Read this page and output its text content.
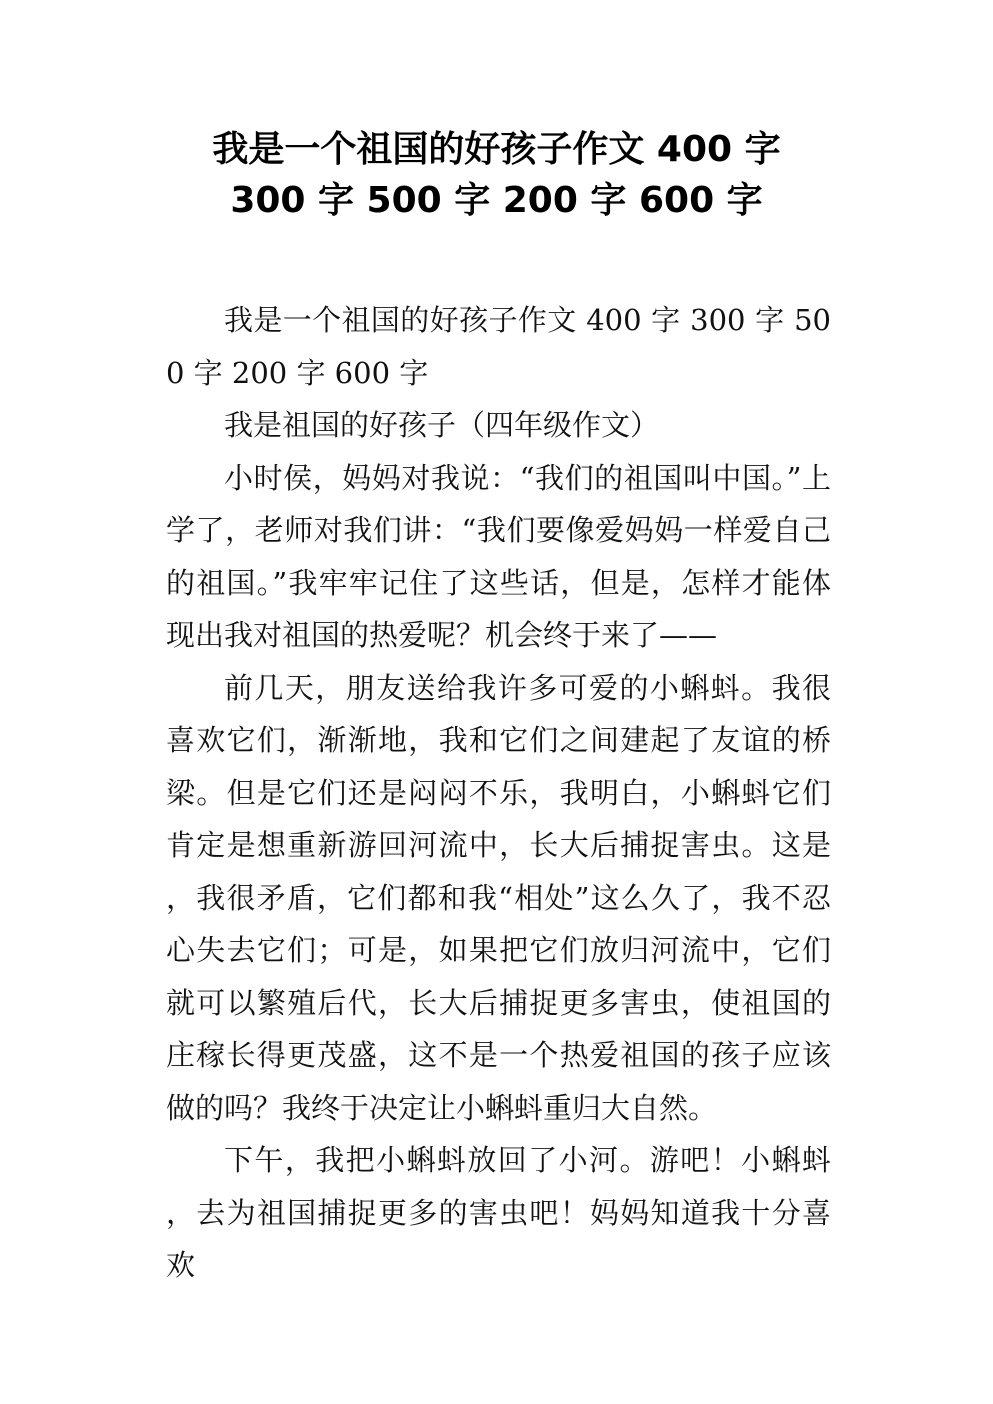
我是一个祖国的好孩子作文 400 字
300 字 500 字 200 字 600 字

我是一个祖国的好孩子作文 400 字 300 字 500 字 200 字 600 字

我是祖国的好孩子（四年级作文）

小时侯，妈妈对我说：“我们的祖国叫中国。”上学了，老师对我们讲：“我们要像爱妈妈一样爱自己的祖国。”我牢牢记住了这些话，但是，怎样才能体现出我对祖国的热爱呢？机会终于来了——

前几天，朋友送给我许多可爱的小蝌蚪。我很喜欢它们，渐渐地，我和它们之间建起了友谊的桥梁。但是它们还是闷闷不乐，我明白，小蝌蚪它们肯定是想重新游回河流中，长大后捕捉害虫。这是，我很矛盾，它们都和我“相处”这么久了，我不忍心失去它们；可是，如果把它们放归河流中，它们就可以繁殖后代，长大后捕捉更多害虫，使祖国的庄稼长得更茂盛，这不是一个热爱祖国的孩子应该做的吗？我终于决定让小蝌蚪重归大自然。

下午，我把小蝌蚪放回了小河。游吧！小蝌蚪，去为祖国捕捉更多的害虫吧！妈妈知道我十分喜欢
